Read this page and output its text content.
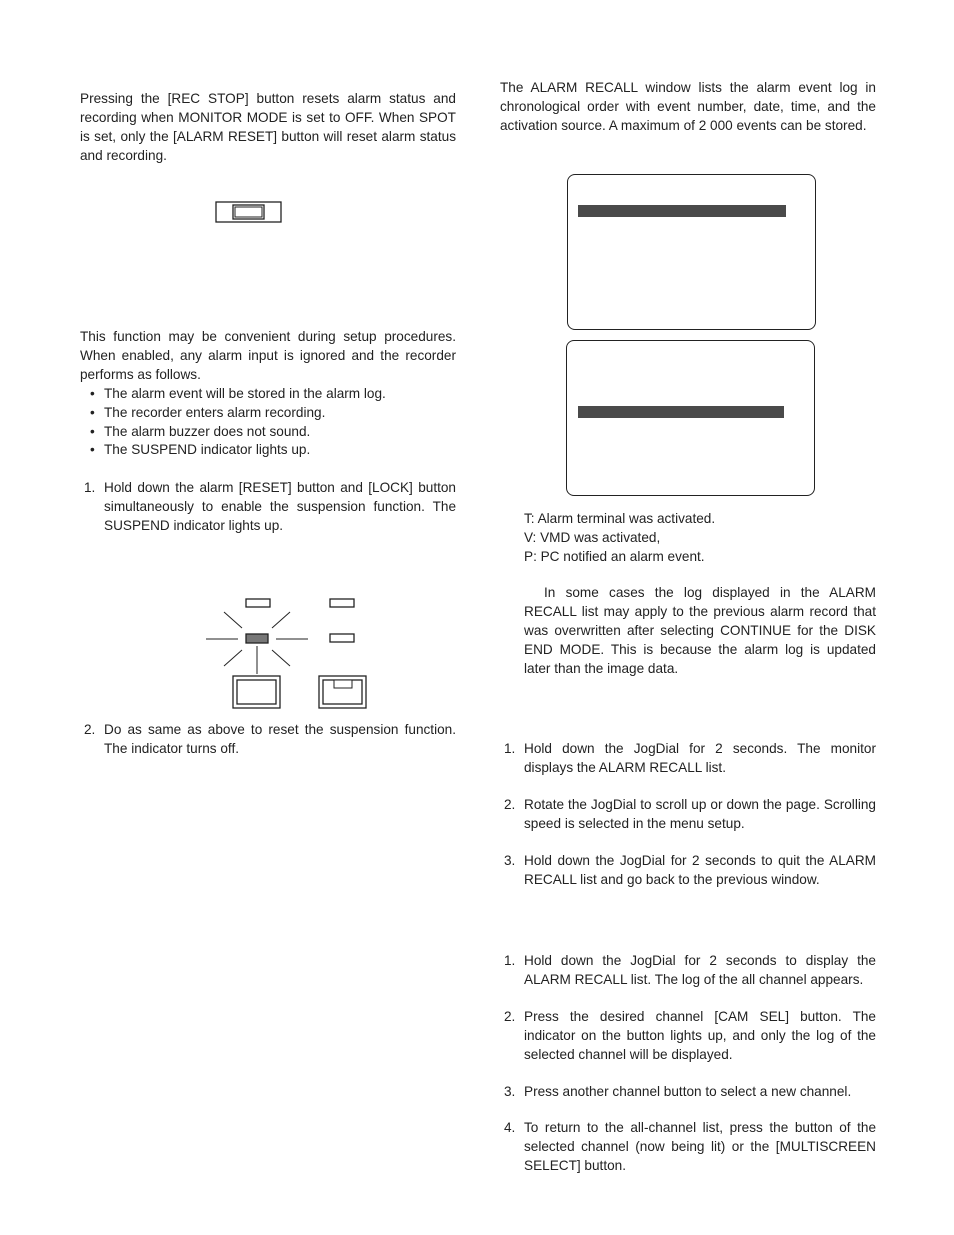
Pressing the [REC STOP] button resets alarm status and recording when MONITOR MODE is set to OFF. When SPOT is set, only the [ALARM RESET] button will reset alarm status and recording.

This function may be convenient during setup procedures. When enabled, any alarm input is ignored and the recorder performs as follows.

• The alarm event will be stored in the alarm log.
• The recorder enters alarm recording.
• The alarm buzzer does not sound.
• The SUSPEND indicator lights up.
1. Hold down the alarm [RESET] button and [LOCK] button simultaneously to enable the suspension function. The SUSPEND indicator lights up.
2. Do as same as above to reset the suspension function. The indicator turns off.

The ALARM RECALL window lists the alarm event log in chronological order with event number, date, time, and the activation source. A maximum of 2 000 events can be stored.

T: Alarm terminal was activated.
V: VMD was activated,
P: PC notified an alarm event.

In some cases the log displayed in the ALARM RECALL list may apply to the previous alarm record that was overwritten after selecting CONTINUE for the DISK END MODE. This is because the alarm log is updated later than the image data.

1. Hold down the JogDial for 2 seconds. The monitor displays the ALARM RECALL list.
2. Rotate the JogDial to scroll up or down the page. Scrolling speed is selected in the menu setup.
3. Hold down the JogDial for 2 seconds to quit the ALARM RECALL list and go back to the previous window.
1. Hold down the JogDial for 2 seconds to display the ALARM RECALL list. The log of the all channel appears.
2. Press the desired channel [CAM SEL] button. The indicator on the button lights up, and only the log of the selected channel will be displayed.
3. Press another channel button to select a new channel.
4. To return to the all-channel list, press the button of the selected channel (now being lit) or the [MULTISCREEN SELECT] button.
